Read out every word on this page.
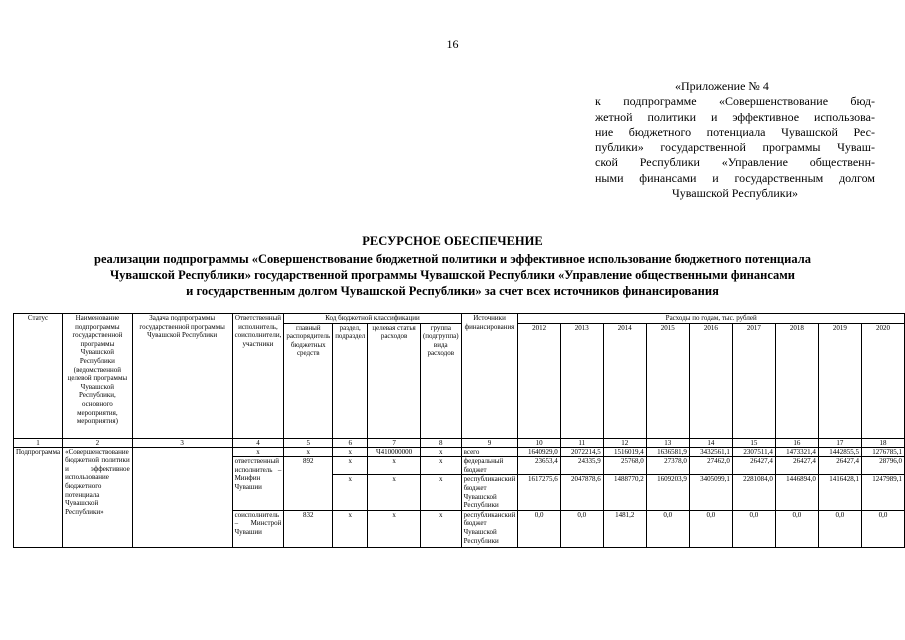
16
«Приложение № 4
к подпрограмме «Совершенствование бюд-
жетной политики и эффективное использова-
ние бюджетного потенциала Чувашской Рес-
публики» государственной программы Чуваш-
ской Республики «Управление общественн-
ными финансами и государственным долгом
Чувашской Республики»
РЕСУРСНОЕ ОБЕСПЕЧЕНИЕ
реализации подпрограммы «Совершенствование бюджетной политики и эффективное использование бюджетного потенциала
Чувашской Республики» государственной программы Чувашской Республики «Управление общественными финансами
и государственным долгом Чувашской Республики» за счет всех источников финансирования
Статус	Наименование подпрограммы государственной программы Чувашской Республики (ведомственной целевой программы Чувашской Республики, основного мероприятия, мероприятия)	Задача подпрограммы государственной программы Чувашской Республики	Ответственный исполнитель, соисполнители, участники	Код бюджетной классификации				Источники финансирования	Расходы по годам, тыс. рублей								
				главный распорядитель бюджетных средств	раздел, подраздел	целевая статья расходов	группа (подгруппа) вида расходов		2012	2013	2014	2015	2016	2017	2018	2019	2020
1	2	3	4	5	6	7	8	9	10	11	12	13	14	15	16	17	18
Подпрограмма	«Совершенствование бюджетной политики и эффективное использование бюджетного потенциала Чувашской Республики»		x	x	x	Ч410000000	x	всего	1640929,0	2072214,5	1516019,4	1636581,9	3432561,1	2307511,4	1473321,4	1442855,5	1276785,1
			ответственный исполнитель – Минфин Чувашии	892	x	x	x	федеральный бюджет	23653,4	24335,9	25768,0	27378,0	27462,0	26427,4	26427,4	26427,4	28796,0
					x	x	x	республиканский бюджет Чувашской Республики	1617275,6	2047878,6	1488770,2	1609203,9	3405099,1	2281084,0	1446894,0	1416428,1	1247989,1
			соисполнитель – Минстрой Чувашии	832	x	x	x	республиканский бюджет Чувашской Республики	0,0	0,0	1481,2	0,0	0,0	0,0	0,0	0,0	0,0
